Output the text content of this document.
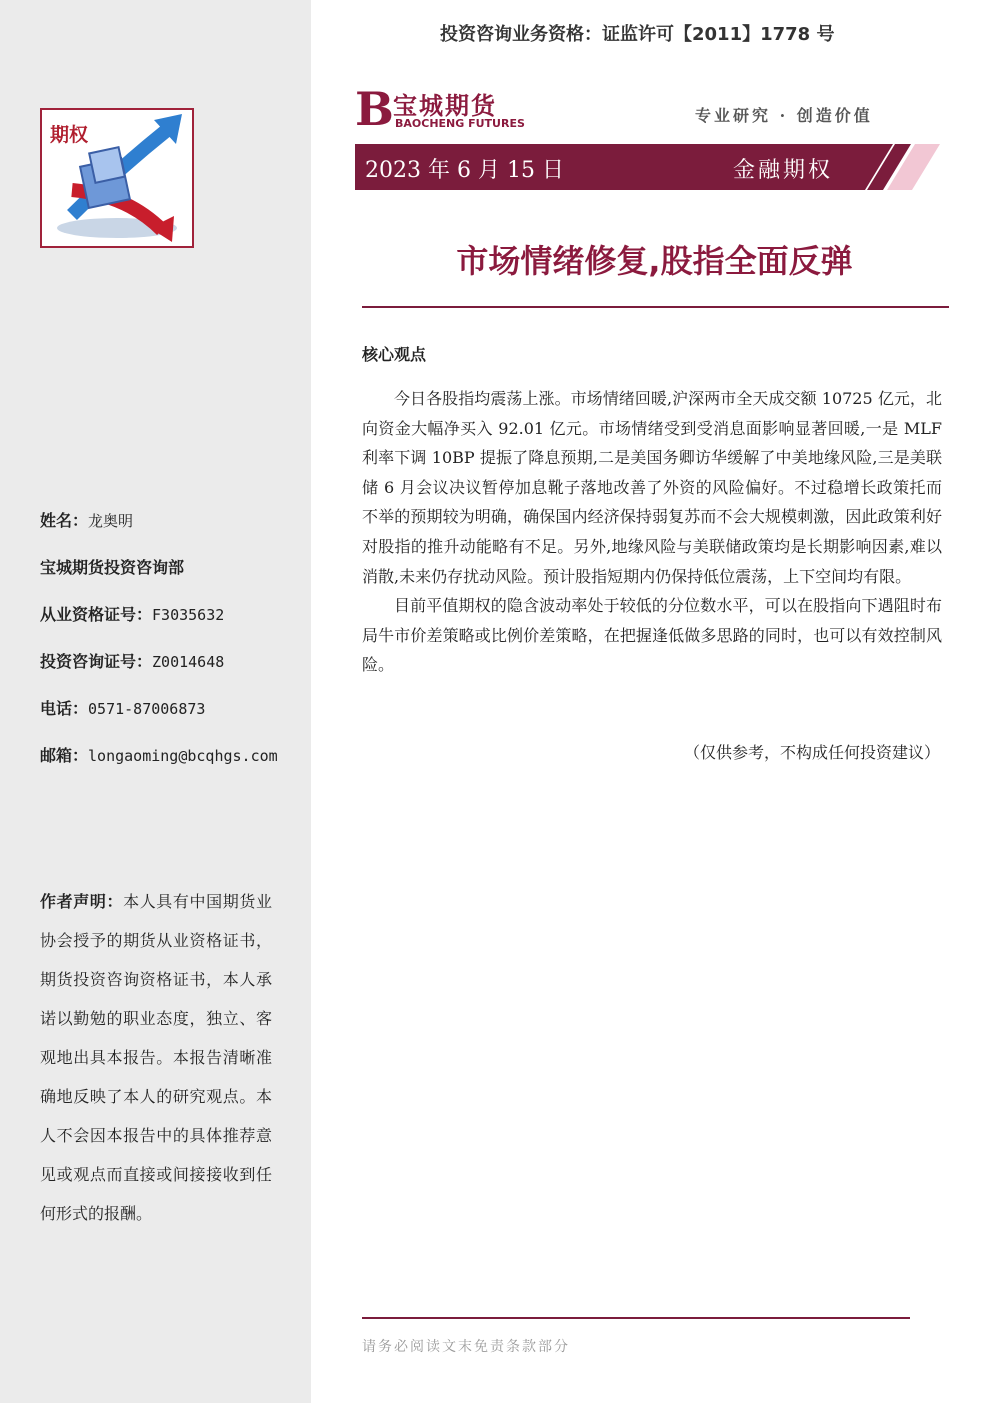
期权
姓名：龙奥明
宝城期货投资咨询部
从业资格证号：F3035632
投资咨询证号：Z0014648
电话：0571-87006873
邮箱：longaoming@bcqhgs.com
作者声明：本人具有中国期货业协会授予的期货从业资格证书，期货投资咨询资格证书，本人承诺以勤勉的职业态度，独立、客观地出具本报告。本报告清晰准确地反映了本人的研究观点。本人不会因本报告中的具体推荐意见或观点而直接或间接接收到任何形式的报酬。
投资咨询业务资格：证监许可【2011】1778 号
B 宝城期货
BAOCHENG FUTURES	专业研究 · 创造价值
2023 年 6 月 15 日	金融期权
市场情绪修复,股指全面反弹
核心观点

今日各股指均震荡上涨。市场情绪回暖,沪深两市全天成交额 10725 亿元，北向资金大幅净买入 92.01 亿元。市场情绪受到受消息面影响显著回暖,一是 MLF 利率下调 10BP 提振了降息预期,二是美国务卿访华缓解了中美地缘风险,三是美联储 6 月会议决议暂停加息靴子落地改善了外资的风险偏好。不过稳增长政策托而不举的预期较为明确，确保国内经济保持弱复苏而不会大规模刺激，因此政策利好对股指的推升动能略有不足。另外,地缘风险与美联储政策均是长期影响因素,难以消散,未来仍存扰动风险。预计股指短期内仍保持低位震荡，上下空间均有限。

目前平值期权的隐含波动率处于较低的分位数水平，可以在股指向下遇阻时布局牛市价差策略或比例价差策略，在把握逢低做多思路的同时，也可以有效控制风险。

（仅供参考，不构成任何投资建议）
请务必阅读文末免责条款部分
